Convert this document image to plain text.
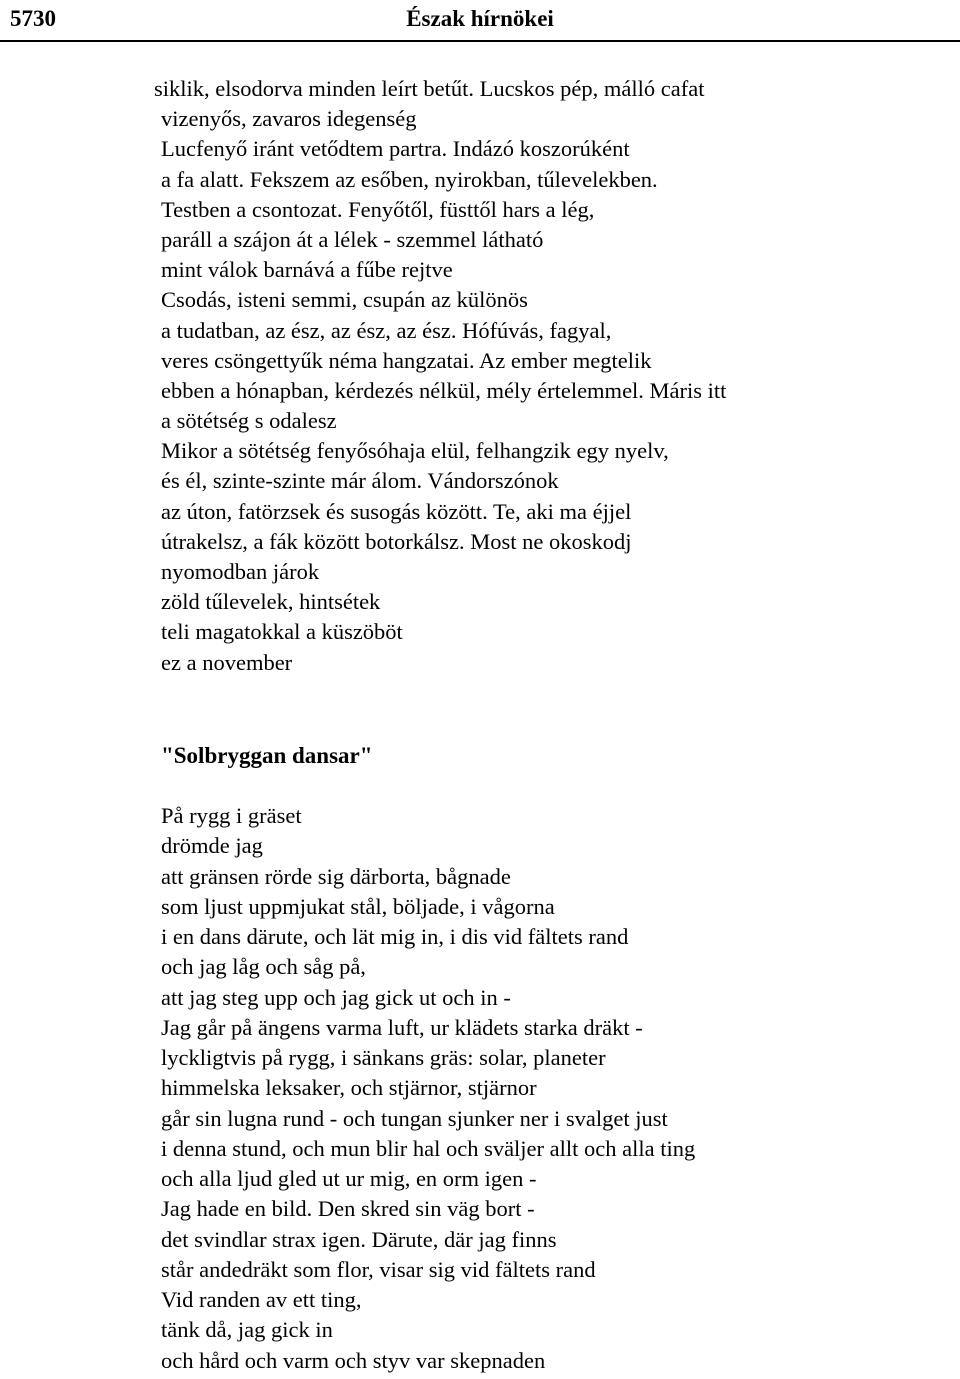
5730	Észak hírnökei
siklik, elsodorva minden leírt betűt. Lucskos pép, málló cafat
vizenyős, zavaros idegenség
Lucfenyő iránt vetődtem partra. Indázó koszorúként
a fa alatt. Fekszem az esőben, nyirokban, tűlevelekben.
Testben a csontozat. Fenyőtől, füsttől hars a lég,
paráll a szájon át a lélek - szemmel látható
mint válok barnává a fűbe rejtve
Csodás, isteni semmi, csupán az különös
a tudatban, az ész, az ész, az ész. Hófúvás, fagyal,
veres csöngettyűk néma hangzatai. Az ember megtelik
ebben a hónapban, kérdezés nélkül, mély értelemmel. Máris itt
a sötétség s odalesz
Mikor a sötétség fenyősóhaja elül, felhangzik egy nyelv,
és él, szinte-szinte már álom. Vándorszónok
az úton, fatörzsek és susogás között. Te, aki ma éjjel
útrakelsz, a fák között botorkálsz. Most ne okoskodj
nyomodban járok
zöld tűlevelek, hintsétek
teli magatokkal a küszöböt
ez a november
"Solbryggan dansar"
På rygg i gräset
drömde jag
att gränsen rörde sig därborta, bågnade
som ljust uppmjukat stål, böljade, i vågorna
i en dans därute, och lät mig in, i dis vid fältets rand
och jag låg och såg på,
att jag steg upp och jag gick ut och in -
Jag går på ängens varma luft, ur klädets starka dräkt -
lyckligtvis på rygg, i sänkans gräs: solar, planeter
himmelska leksaker, och stjärnor, stjärnor
går sin lugna rund - och tungan sjunker ner i svalget just
i denna stund, och mun blir hal och sväljer allt och alla ting
och alla ljud gled ut ur mig, en orm igen -
Jag hade en bild. Den skred sin väg bort -
det svindlar strax igen. Därute, där jag finns
står andedräkt som flor, visar sig vid fältets rand
Vid randen av ett ting,
tänk då, jag gick in
och hård och varm och styv var skepnaden
